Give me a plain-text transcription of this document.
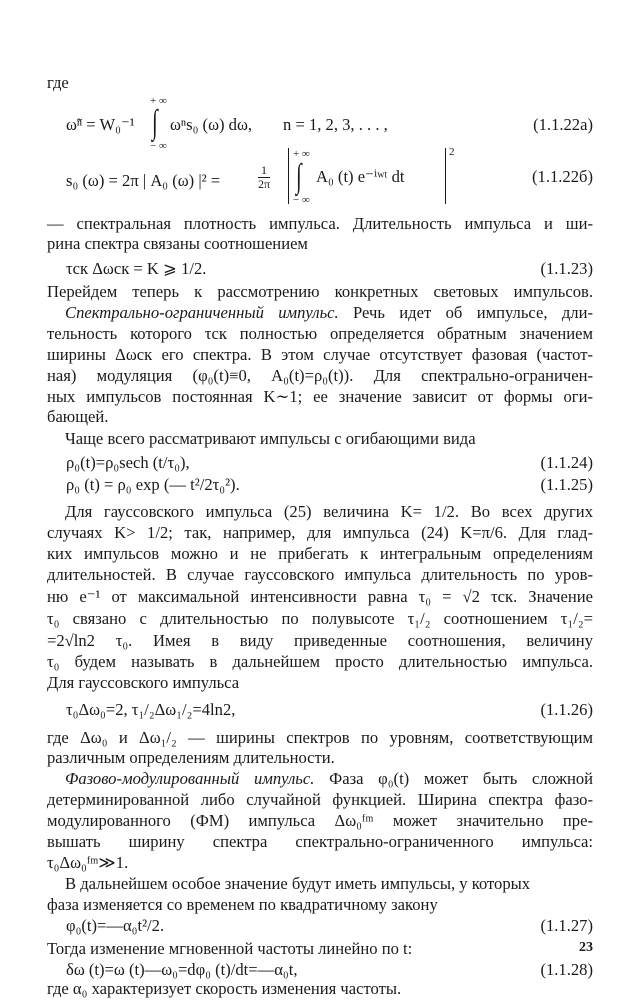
где
ω̃ⁿ = W₀⁻¹
+ ∞
∫
− ∞
ωⁿs₀ (ω) dω, n = 1, 2, 3, . . . ,	(1.1.22а)
s₀ (ω) = 2π | A₀ (ω) |² =	$\frac{1}{2\pi}$
+ ∞
∫
− ∞
A₀ (t) e⁻ⁱʷᵗ dt
2
(1.1.22б)
— спектральная плотность импульса. Длительность импульса и ши-
рина спектра связаны соотношением
τск Δωск = K ⩾ 1/2.	(1.1.23)
Перейдем теперь к рассмотрению конкретных световых импульсов.
Спектрально-ограниченный импульс. Речь идет об импульсе, дли-
тельность которого τск полностью определяется обратным значением
ширины Δωск его спектра. В этом случае отсутствует фазовая (частот-
ная) модуляция (φ₀(t)≡0, A₀(t)=ρ₀(t)). Для спектрально-ограничен-
ных импульсов постоянная K∼1; ее значение зависит от формы оги-
бающей.
Чаще всего рассматривают импульсы с огибающими вида
ρ₀(t)=ρ₀sech (t/τ₀),	(1.1.24)
ρ₀ (t) = ρ₀ exp (— t²/2τ₀²).	(1.1.25)
Для гауссовского импульса (25) величина K= 1/2. Во всех других
случаях K> 1/2; так, например, для импульса (24) K=π/6. Для глад-
ких импульсов можно и не прибегать к интегральным определениям
длительностей. В случае гауссовского импульса длительность по уров-
ню e⁻¹ от максимальной интенсивности равна τ₀ = √2 τск. Значение
τ₀ связано с длительностью по полувысоте τ₁/₂ соотношением τ₁/₂=
=2√ln2 τ₀. Имея в виду приведенные соотношения, величину
τ₀ будем называть в дальнейшем просто длительностью импульса.
Для гауссовского импульса
τ₀Δω₀=2, τ₁/₂Δω₁/₂=4ln2,	(1.1.26)
где Δω₀ и Δω₁/₂ — ширины спектров по уровням, соответствующим
различным определениям длительности.
Фазово-модулированный импульс. Фаза φ₀(t) может быть сложной
детерминированной либо случайной функцией. Ширина спектра фазо-
модулированного (ФМ) импульса Δω₀ᶠᵐ может значительно пре-
вышать ширину спектра спектрально-ограниченного импульса:
τ₀Δω₀ᶠᵐ≫1.
В дальнейшем особое значение будут иметь импульсы, у которых
фаза изменяется со временем по квадратичному закону
φ₀(t)=—α₀t²/2.	(1.1.27)
Тогда изменение мгновенной частоты линейно по t:
δω (t)=ω (t)—ω₀=dφ₀ (t)/dt=—α₀t,	(1.1.28)
где α₀ характеризует скорость изменения частоты.
23
